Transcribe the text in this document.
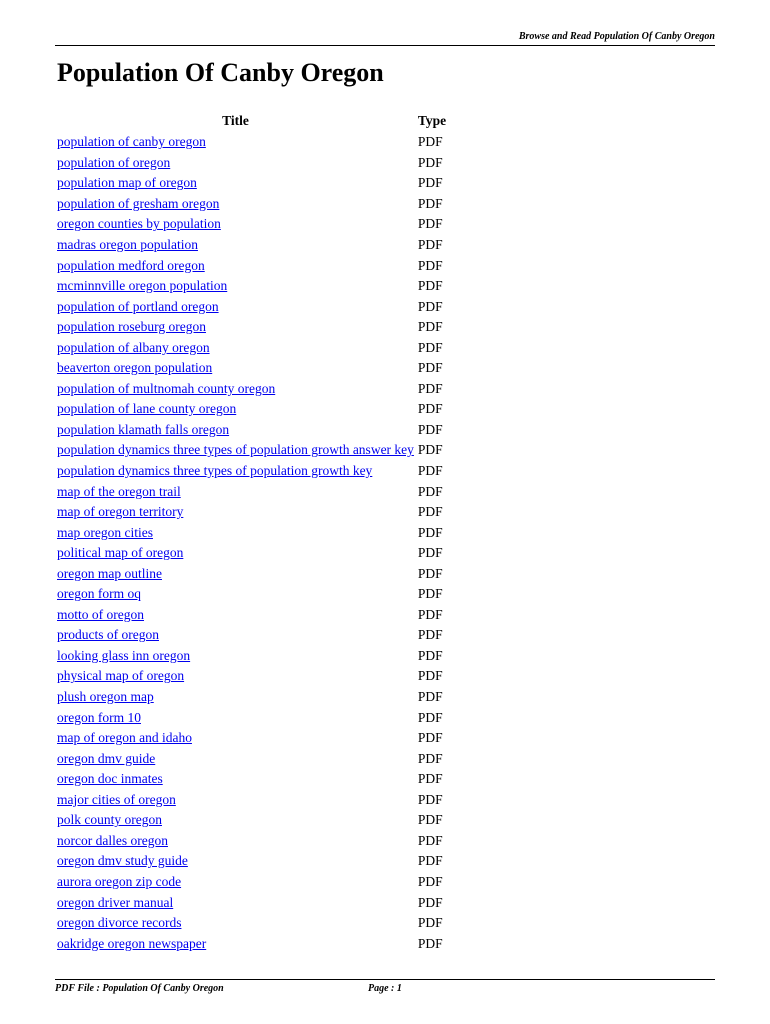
Browse and Read Population Of Canby Oregon
Population Of Canby Oregon
Title	Type
population of canby oregon	PDF
population of oregon	PDF
population map of oregon	PDF
population of gresham oregon	PDF
oregon counties by population	PDF
madras oregon population	PDF
population medford oregon	PDF
mcminnville oregon population	PDF
population of portland oregon	PDF
population roseburg oregon	PDF
population of albany oregon	PDF
beaverton oregon population	PDF
population of multnomah county oregon	PDF
population of lane county oregon	PDF
population klamath falls oregon	PDF
population dynamics three types of population growth answer key	PDF
population dynamics three types of population growth key	PDF
map of the oregon trail	PDF
map of oregon territory	PDF
map oregon cities	PDF
political map of oregon	PDF
oregon map outline	PDF
oregon form oq	PDF
motto of oregon	PDF
products of oregon	PDF
looking glass inn oregon	PDF
physical map of oregon	PDF
plush oregon map	PDF
oregon form 10	PDF
map of oregon and idaho	PDF
oregon dmv guide	PDF
oregon doc inmates	PDF
major cities of oregon	PDF
polk county oregon	PDF
norcor dalles oregon	PDF
oregon dmv study guide	PDF
aurora oregon zip code	PDF
oregon driver manual	PDF
oregon divorce records	PDF
oakridge oregon newspaper	PDF
PDF File : Population Of Canby Oregon	Page : 1
